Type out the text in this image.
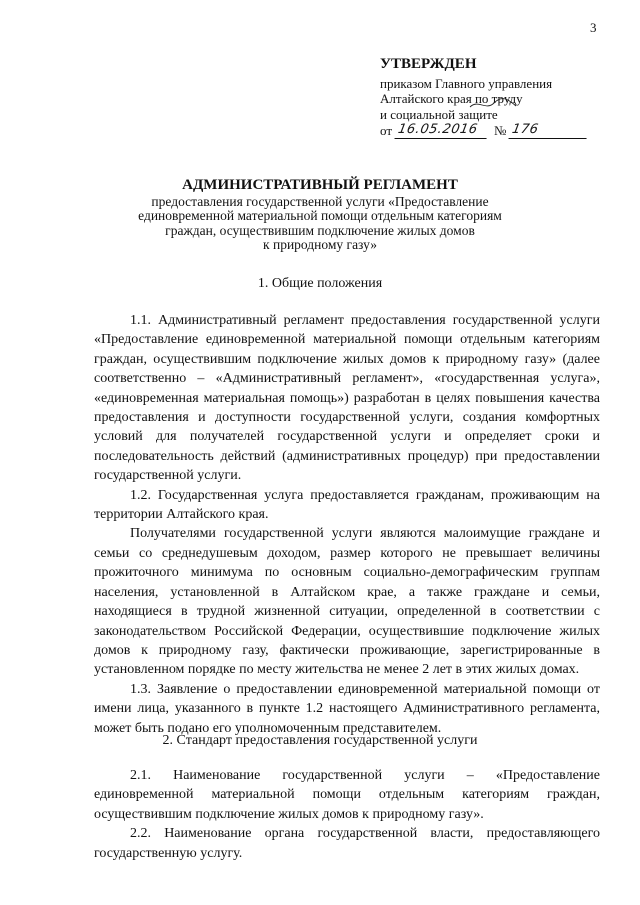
3
УТВЕРЖДЕН
приказом Главного управления
Алтайского края по труду
и социальной защите
от 16.05.2016	№ 176
АДМИНИСТРАТИВНЫЙ РЕГЛАМЕНТ
предоставления государственной услуги «Предоставление
единовременной материальной помощи отдельным категориям
граждан, осуществившим подключение жилых домов
к природному газу»
1. Общие положения

1.1. Административный регламент предоставления государственной услуги «Предоставление единовременной материальной помощи отдельным категориям граждан, осуществившим подключение жилых домов к природному газу» (далее соответственно – «Административный регламент», «государственная услуга», «единовременная материальная помощь») разработан в целях повышения качества предоставления и доступности государственной услуги, создания комфортных условий для получателей государственной услуги и определяет сроки и последовательность действий (административных процедур) при предоставлении государственной услуги.

1.2. Государственная услуга предоставляется гражданам, проживающим на территории Алтайского края.

Получателями государственной услуги являются малоимущие граждане и семьи со среднедушевым доходом, размер которого не превышает величины прожиточного минимума по основным социально-демографическим группам населения, установленной в Алтайском крае, а также граждане и семьи, находящиеся в трудной жизненной ситуации, определенной в соответствии с законодательством Российской Федерации, осуществившие подключение жилых домов к природному газу, фактически проживающие, зарегистрированные в установленном порядке по месту жительства не менее 2 лет в этих жилых домах.

1.3. Заявление о предоставлении единовременной материальной помощи от имени лица, указанного в пункте 1.2 настоящего Административного регламента, может быть подано его уполномоченным представителем.

2. Стандарт предоставления государственной услуги

2.1. Наименование государственной услуги – «Предоставление единовременной материальной помощи отдельным категориям граждан, осуществившим подключение жилых домов к природному газу».

2.2. Наименование органа государственной власти, предоставляющего государственную услугу.
